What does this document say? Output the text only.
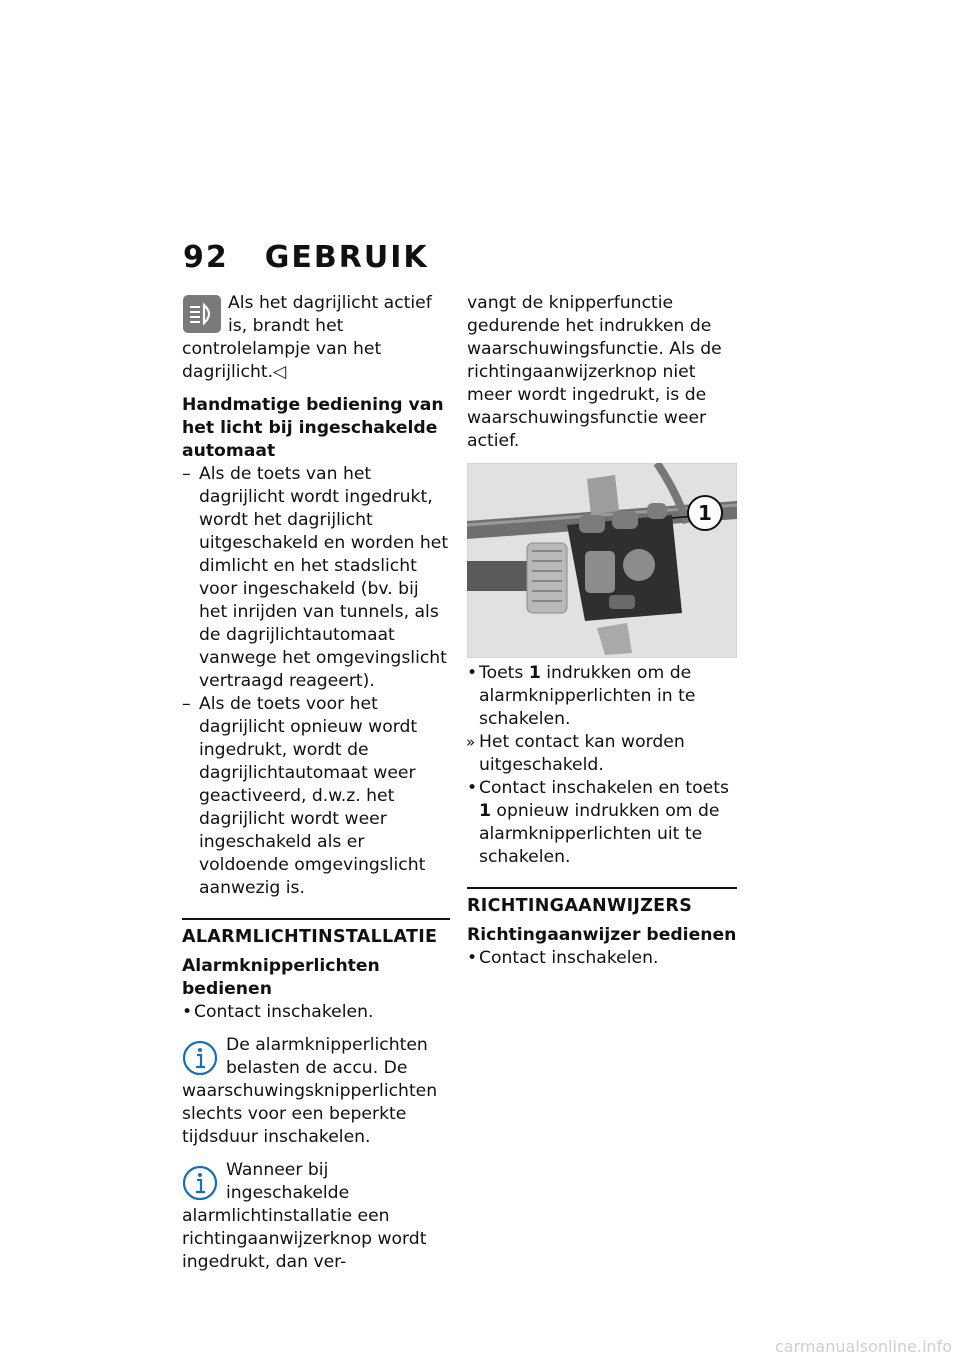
92 GEBRUIK

Als het dagrijlicht actief is, brandt het controlelampje van het dagrijlicht.◁

Handmatige bediening van het licht bij ingeschakelde automaat
– Als de toets van het dagrijlicht wordt ingedrukt, wordt het dagrijlicht uitgeschakeld en worden het dimlicht en het stadslicht voor ingeschakeld (bv. bij het inrijden van tunnels, als de dagrijlichtautomaat vanwege het omgevingslicht vertraagd reageert).
– Als de toets voor het dagrijlicht opnieuw wordt ingedrukt, wordt de dagrijlichtautomaat weer geactiveerd, d.w.z. het dagrijlicht wordt weer ingeschakeld als er voldoende omgevingslicht aanwezig is.
ALARMLICHTINSTALLATIE
Alarmknipperlichten bedienen
• Contact inschakelen.

De alarmknipperlichten belasten de accu. De waarschuwingsknipperlichten slechts voor een beperkte tijdsduur inschakelen.

Wanneer bij ingeschakelde alarmlichtinstallatie een richtingaanwijzerknop wordt ingedrukt, dan ver-

vangt de knipperfunctie gedurende het indrukken de waarschuwingsfunctie. Als de richtingaanwijzerknop niet meer wordt ingedrukt, is de waarschuwingsfunctie weer actief.

1
• Toets 1 indrukken om de alarmknipperlichten in te schakelen.
» Het contact kan worden uitgeschakeld.
• Contact inschakelen en toets 1 opnieuw indrukken om de alarmknipperlichten uit te schakelen.
RICHTINGAANWIJZERS
Richtingaanwijzer bedienen
• Contact inschakelen.
carmanualsonline.info
